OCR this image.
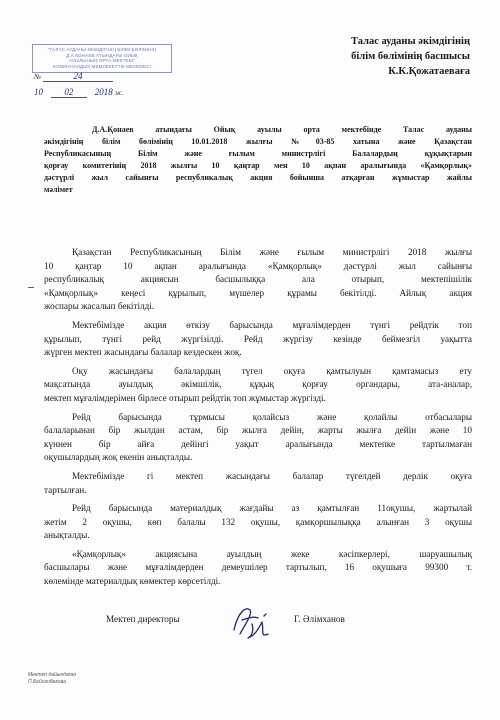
"ТАЛАС АУДАНЫ ӘКІМДІГІНІҢ БІЛІМ БӨЛІМІНІҢ
Д.А.ҚОНАЕВ АТЫНДАҒЫ ОЙЫҚ
АУЫЛЫНЫҢ ОРТА МЕКТЕБІ"
КОММУНАЛДЫҚ МЕМЛЕКЕТТІК МЕКЕМЕСІ
№	24
10 02 2018 ж.
Талас ауданы әкімдігінің
білім бөлімінің басшысы
К.К.Қожатаеваға
Д.А.Қонаев атындағы Ойық ауылы орта мектебінде Талас ауданы
әкімдігінің білім бөлімінің 10.01.2018 жылғы №03-85 хатына және Қазақстан
Республикасының Білім және ғылым министрлігі Балалардың құқықтарын
қорғау комитетінің 2018 жылғы 10 қаңтар мен 10 ақпан аралығында «Қамқорлық»
дәстүрлі жыл сайынғы республикалық акция бойынша атқарған жұмыстар жайлы
мәлімет
Қазақстан Республикасының Білім және ғылым министрлігі 2018 жылғы
10 қаңтар 10 ақпан аралығында «Қамқорлық» дәстүрлі жыл сайынғы
республикалық акциясын басшылыққа ала отырып, мектепішілік
«Қамқорлық» кеңесі құрылып, мүшелер құрамы бекітілді. Айлық акция
жоспары жасалып бекітілді.
Мектебімізде акция өткізу барысында мұғалімдерден түнгі рейдтік топ
құрылып, түнгі рейд жүргізілді. Рейд жүргізу кезінде беймезгіл уақытта
жүрген мектеп жасындағы балалар кездескен жоқ.
Оқу жасындағы балалардың түгел оқуға қамтылуын қамтамасыз ету
мақсатында ауылдық әкімшілік, құқық қорғау органдары, ата-аналар,
мектеп мұғалімдерімен бірлесе отырып рейдтік топ жұмыстар жүргізді.
Рейд барысында тұрмысы қолайсыз және қолайлы отбасылары
балаларынан бір жылдан астам, бір жылға дейін, жарты жылға дейін және 10
күннен бір айға дейінгі уақыт аралығында мектепке тартылмаған
оқушылардың жоқ екенін анықталды.
Мектебімізде гі мектеп жасындағы балалар түгелдей дерлік оқуға
тартылған.
Рейд барысында материалдық жағдайы аз қамтылған 11оқушы, жартылай
жетім 2 оқушы, көп балалы 132 оқушы, қамқоршылыққа алынған 3 оқушы
анықталды.
«Қамқорлық» акциясына ауылдың жеке кәсіпкерлері, шаруашылық
басшылары және мұғалімдерден демеушілер тартылып, 16 оқушыға 99300 т.
көлемінде материалдық көмектер көрсетілді.
Мектеп директоры	Г. Әлімханов
Мектеп дайындаған
П.Бейсенбекова
